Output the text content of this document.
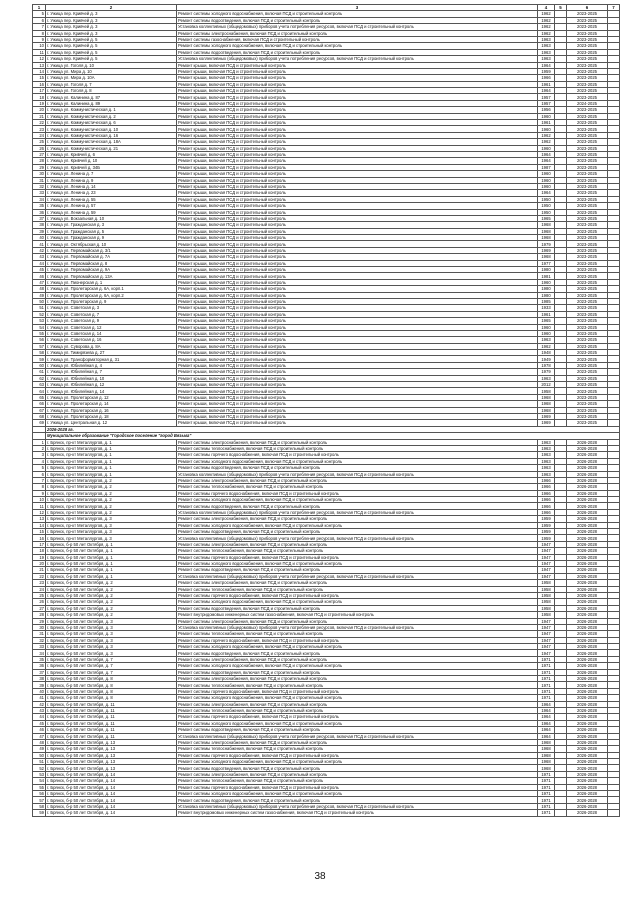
1	2	3	4	5	6	7
5	г. Ужица пер. Кривчей д. 3	Ремонт системы холодного водоснабжения, включая ПСД и строительный контроль	1962		2023-2025	
6	г. Ужица пер. Кривчей д. 3	Ремонт системы водоотведения, включая ПСД и строительный контроль	1962		2023-2025	
7	г. Ужица пер. Кривчей д. 3	Установка коллективных (общедомовых) приборов учета потребления ресурсов, включая ПСД и строительный контроль	1962		2023-2025	
8	г. Ужица пер. Кривчей д. 3	Ремонт системы электроснабжения, включая ПСД и строительный контроль	1962		2023-2025	
9	г. Ужица пер. Кривчей д. 5	Ремонт системы газоснабжения, включая ПСД и строительный контроль	1963		2023-2025	
10	г. Ужица пер. Кривчей д. 5	Ремонт системы холодного водоснабжения, включая ПСД и строительный контроль	1963		2023-2025	
11	г. Ужица пер. Кривчей д. 5	Ремонт системы водоотведения, включая ПСД и строительный контроль	1963		2023-2025	
12	г. Ужица пер. Кривчей д. 5	Установка коллективных (общедомовых) приборов учета потребления ресурсов, включая ПСД и строительный контроль	1963		2023-2025	
13	г. Ужица ул. Гоголя д. 10	Ремонт крыши, включая ПСД и строительный контроль	1964		2023-2025	
14	г. Ужица ул. Мира д. 10	Ремонт крыши, включая ПСД и строительный контроль	1959		2023-2025	
15	г. Ужица ул. Мира д. 10А	Ремонт крыши, включая ПСД и строительный контроль	1966		2023-2025	
16	г. Ужица ул. Гоголя д. 7	Ремонт крыши, включая ПСД и строительный контроль	1961		2023-2025	
17	г. Ужица ул. Гоголя д. 8	Ремонт крыши, включая ПСД и строительный контроль	1964		2023-2025	
18	г. Ужица ул. Калинина д. 87	Ремонт крыши, включая ПСД и строительный контроль	1957		2023-2025	
19	г. Ужица ул. Калинина д. 89	Ремонт крыши, включая ПСД и строительный контроль	1957		2024-2025	
20	г. Ужица ул. Коммунистическая д. 1	Ремонт крыши, включая ПСД и строительный контроль	1956		2023-2025	
21	г. Ужица ул. Коммунистическая д. 2	Ремонт крыши, включая ПСД и строительный контроль	1960		2023-2025	
22	г. Ужица ул. Коммунистическая д. 6	Ремонт крыши, включая ПСД и строительный контроль	1961		2023-2025	
23	г. Ужица ул. Коммунистическая д. 10	Ремонт крыши, включая ПСД и строительный контроль	1960		2023-2025	
24	г. Ужица ул. Коммунистическая д. 16	Ремонт крыши, включая ПСД и строительный контроль	1962		2023-2025	
25	г. Ужица ул. Коммунистическая д. 18А	Ремонт крыши, включая ПСД и строительный контроль	1962		2023-2025	
26	г. Ужица ул. Коммунистическая д. 21	Ремонт крыши, включая ПСД и строительный контроль	1960		2023-2025	
27	г. Ужица ул. Кривчей д. 6	Ремонт крыши, включая ПСД и строительный контроль	1964		2023-2025	
28	г. Ужица ул. Кривчей д. 10	Ремонт крыши, включая ПСД и строительный контроль	1964		2023-2025	
29	г. Ужица ул. Кривчей д. 34Б	Ремонт крыши, включая ПСД и строительный контроль	1987		2023-2025	
30	г. Ужица ул. Ленина д. 7	Ремонт крыши, включая ПСД и строительный контроль	1960		2023-2025	
31	г. Ужица ул. Ленина д. 9	Ремонт крыши, включая ПСД и строительный контроль	1960		2023-2025	
32	г. Ужица ул. Ленина д. 14	Ремонт крыши, включая ПСД и строительный контроль	1960		2023-2025	
33	г. Ужица ул. Ленина д. 23	Ремонт крыши, включая ПСД и строительный контроль	1964		2023-2025	
34	г. Ужица ул. Ленина д. 55	Ремонт крыши, включая ПСД и строительный контроль	1950		2023-2025	
35	г. Ужица ул. Ленина д. 57	Ремонт крыши, включая ПСД и строительный контроль	1950		2023-2025	
36	г. Ужица ул. Ленина д. 59	Ремонт крыши, включая ПСД и строительный контроль	1950		2023-2025	
37	г. Ужица ул. Вокзальная д. 10	Ремонт крыши, включая ПСД и строительный контроль	1965		2023-2025	
38	г. Ужица ул. Гражданская д. 3	Ремонт крыши, включая ПСД и строительный контроль	1968		2023-2025	
39	г. Ужица ул. Гражданская д. 5	Ремонт крыши, включая ПСД и строительный контроль	1968		2023-2025	
40	г. Ужица ул. Гражданская д. 9	Ремонт крыши, включая ПСД и строительный контроль	1968		2023-2025	
41	г. Ужица ул. Октябрьская д. 10	Ремонт крыши, включая ПСД и строительный контроль	1979		2023-2025	
42	г. Ужица ул. Первомайская д. 3/1	Ремонт крыши, включая ПСД и строительный контроль	1969		2023-2025	
43	г. Ужица ул. Первомайская д. 7А	Ремонт крыши, включая ПСД и строительный контроль	1968		2023-2025	
44	г. Ужица ул. Первомайская д. 8	Ремонт крыши, включая ПСД и строительный контроль	1977		2023-2025	
45	г. Ужица ул. Первомайская д. 9А	Ремонт крыши, включая ПСД и строительный контроль	1980		2023-2025	
46	г. Ужица ул. Первомайская д. 13А	Ремонт крыши, включая ПСД и строительный контроль	1981		2023-2025	
47	г. Ужица ул. Пионерская д. 1	Ремонт крыши, включая ПСД и строительный контроль	1960		2023-2025	
48	г. Ужица ул. Пролетарская д. 6А, корп.1	Ремонт крыши, включая ПСД и строительный контроль	1980		2023-2025	
49	г. Ужица ул. Пролетарская д. 6А, корп.2	Ремонт крыши, включая ПСД и строительный контроль	1980		2023-2025	
50	г. Ужица ул. Пролетарская д. 9	Ремонт крыши, включая ПСД и строительный контроль	1985		2023-2025	
51	г. Ужица ул. Советская д. 3	Ремонт крыши, включая ПСД и строительный контроль	1933		2023-2025	
52	г. Ужица ул. Советская д. 7	Ремонт крыши, включая ПСД и строительный контроль	1961		2023-2025	
53	г. Ужица ул. Советская д. 9	Ремонт крыши, включая ПСД и строительный контроль	1965		2023-2025	
54	г. Ужица ул. Советская д. 12	Ремонт крыши, включая ПСД и строительный контроль	1960		2023-2025	
55	г. Ужица ул. Советская д. 14	Ремонт крыши, включая ПСД и строительный контроль	1960		2023-2025	
56	г. Ужица ул. Советская д. 16	Ремонт крыши, включая ПСД и строительный контроль	1963		2023-2025	
57	г. Ужица ул. Суворова д. 8А	Ремонт крыши, включая ПСД и строительный контроль	1962		2023-2025	
58	г. Ужица ул. Тимирязева д. 27	Ремонт крыши, включая ПСД и строительный контроль	1948		2023-2025	
59	г. Ужица ул. Трансформаторная д. 31	Ремонт крыши, включая ПСД и строительный контроль	1949		2023-2025	
60	г. Ужица ул. Юбилейная д. 4	Ремонт крыши, включая ПСД и строительный контроль	1978		2023-2025	
61	г. Ужица ул. Юбилейная д. 7	Ремонт крыши, включая ПСД и строительный контроль	1979		2023-2025	
62	г. Ужица ул. Юбилейная д. 10	Ремонт крыши, включая ПСД и строительный контроль	1963		2023-2025	
63	г. Ужица ул. Юбилейная д. 12	Ремонт крыши, включая ПСД и строительный контроль	2012		2023-2025	
64	г. Ужица ул. Юбилейная д. 14	Ремонт крыши, включая ПСД и строительный контроль	1958		2023-2025	
65	г. Ужица ул. Пролетарская д. 12	Ремонт крыши, включая ПСД и строительный контроль	1968		2023-2025	
66	г. Ужица ул. Пролетарская д. 14	Ремонт крыши, включая ПСД и строительный контроль	1968		2023-2025	
67	г. Ужица ул. Пролетарская д. 16	Ремонт крыши, включая ПСД и строительный контроль	1968		2023-2025	
68	г. Ужица ул. Пролетарская д. 18	Ремонт крыши, включая ПСД и строительный контроль	1969		2023-2025	
69	г. Ужица ул. Центральная д. 12	Ремонт крыши, включая ПСД и строительный контроль	1969		2023-2025	
	2026-2028 гг.					
	Муниципальное образование "Городское поселение "город Вязьма"					
1	г. Брянск, пр-кт Металлургов, д. 1	Ремонт системы электроснабжения, включая ПСД и строительный контроль	1963		2026-2028	
2	г. Брянск, пр-кт Металлургов, д. 1	Ремонт системы теплоснабжения, включая ПСД и строительный контроль	1963		2026-2028	
3	г. Брянск, пр-кт Металлургов, д. 1	Ремонт системы горячего водоснабжения, включая ПСД и строительный контроль	1963		2026-2028	
4	г. Брянск, пр-кт Металлургов, д. 1	Ремонт системы холодного водоснабжения, включая ПСД и строительный контроль	1963		2026-2028	
5	г. Брянск, пр-кт Металлургов, д. 1	Ремонт системы водоотведения, включая ПСД и строительный контроль	1963		2026-2028	
6	г. Брянск, пр-кт Металлургов, д. 1	Установка коллективных (общедомовых) приборов учета потребления ресурсов, включая ПСД и строительный контроль	1963		2026-2028	
7	г. Брянск, пр-кт Металлургов, д. 2	Ремонт системы электроснабжения, включая ПСД и строительный контроль	1966		2026-2028	
8	г. Брянск, пр-кт Металлургов, д. 2	Ремонт системы теплоснабжения, включая ПСД и строительный контроль	1966		2026-2028	
9	г. Брянск, пр-кт Металлургов, д. 2	Ремонт системы горячего водоснабжения, включая ПСД и строительный контроль	1966		2026-2028	
10	г. Брянск, пр-кт Металлургов, д. 2	Ремонт системы холодного водоснабжения, включая ПСД и строительный контроль	1966		2026-2028	
11	г. Брянск, пр-кт Металлургов, д. 2	Ремонт системы водоотведения, включая ПСД и строительный контроль	1966		2026-2028	
12	г. Брянск, пр-кт Металлургов, д. 2	Установка коллективных (общедомовых) приборов учета потребления ресурсов, включая ПСД и строительный контроль	1966		2026-2028	
13	г. Брянск, пр-кт Металлургов, д. 3	Ремонт системы электроснабжения, включая ПСД и строительный контроль	1959		2026-2028	
14	г. Брянск, пр-кт Металлургов, д. 3	Ремонт системы холодного водоснабжения, включая ПСД и строительный контроль	1959		2026-2028	
15	г. Брянск, пр-кт Металлургов, д. 3	Ремонт системы водоотведения, включая ПСД и строительный контроль	1959		2026-2028	
16	г. Брянск, пр-кт Металлургов, д. 3	Установка коллективных (общедомовых) приборов учета потребления ресурсов, включая ПСД и строительный контроль	1959		2026-2028	
17	г. Брянск, б-р 50 лет Октября, д. 1	Ремонт системы электроснабжения, включая ПСД и строительный контроль	1947		2026-2028	
18	г. Брянск, б-р 50 лет Октября, д. 1	Ремонт системы теплоснабжения, включая ПСД и строительный контроль	1947		2026-2028	
19	г. Брянск, б-р 50 лет Октября, д. 1	Ремонт системы горячего водоснабжения, включая ПСД и строительный контроль	1947		2026-2028	
20	г. Брянск, б-р 50 лет Октября, д. 1	Ремонт системы холодного водоснабжения, включая ПСД и строительный контроль	1947		2026-2028	
21	г. Брянск, б-р 50 лет Октября, д. 1	Ремонт системы водоотведения, включая ПСД и строительный контроль	1947		2026-2028	
22	г. Брянск, б-р 50 лет Октября, д. 1	Установка коллективных (общедомовых) приборов учета потребления ресурсов, включая ПСД и строительный контроль	1947		2026-2028	
23	г. Брянск, б-р 50 лет Октября, д. 2	Ремонт системы электроснабжения, включая ПСД и строительный контроль	1958		2026-2028	
24	г. Брянск, б-р 50 лет Октября, д. 2	Ремонт системы теплоснабжения, включая ПСД и строительный контроль	1958		2026-2028	
25	г. Брянск, б-р 50 лет Октября, д. 2	Ремонт системы горячего водоснабжения, включая ПСД и строительный контроль	1958		2026-2028	
26	г. Брянск, б-р 50 лет Октября, д. 2	Ремонт системы холодного водоснабжения, включая ПСД и строительный контроль	1958		2026-2028	
27	г. Брянск, б-р 50 лет Октября, д. 2	Ремонт системы водоотведения, включая ПСД и строительный контроль	1958		2026-2028	
28	г. Брянск, б-р 50 лет Октября, д. 2	Ремонт внутридомовых инженерных систем газоснабжения, включая ПСД и строительный контроль	1958		2026-2028	
29	г. Брянск, б-р 50 лет Октября, д. 3	Ремонт системы электроснабжения, включая ПСД и строительный контроль	1947		2026-2028	
30	г. Брянск, б-р 50 лет Октября, д. 3	Установка коллективных (общедомовых) приборов учета потребления ресурсов, включая ПСД и строительный контроль	1947		2026-2028	
31	г. Брянск, б-р 50 лет Октября, д. 3	Ремонт системы теплоснабжения, включая ПСД и строительный контроль	1947		2026-2028	
32	г. Брянск, б-р 50 лет Октября, д. 3	Ремонт системы горячего водоснабжения, включая ПСД и строительный контроль	1947		2026-2028	
33	г. Брянск, б-р 50 лет Октября, д. 3	Ремонт системы холодного водоснабжения, включая ПСД и строительный контроль	1947		2026-2028	
34	г. Брянск, б-р 50 лет Октября, д. 3	Ремонт системы водоотведения, включая ПСД и строительный контроль	1947		2026-2028	
35	г. Брянск, б-р 50 лет Октября, д. 7	Ремонт системы электроснабжения, включая ПСД и строительный контроль	1971		2026-2028	
36	г. Брянск, б-р 50 лет Октября, д. 7	Ремонт системы холодного водоснабжения, включая ПСД и строительный контроль	1971		2026-2028	
37	г. Брянск, б-р 50 лет Октября, д. 7	Ремонт системы водоотведения, включая ПСД и строительный контроль	1971		2026-2028	
38	г. Брянск, б-р 50 лет Октября, д. 8	Ремонт системы электроснабжения, включая ПСД и строительный контроль	1971		2026-2028	
39	г. Брянск, б-р 50 лет Октября, д. 8	Ремонт системы теплоснабжения, включая ПСД и строительный контроль	1971		2026-2028	
40	г. Брянск, б-р 50 лет Октября, д. 8	Ремонт системы горячего водоснабжения, включая ПСД и строительный контроль	1971		2026-2028	
41	г. Брянск, б-р 50 лет Октября, д. 8	Ремонт системы холодного водоснабжения, включая ПСД и строительный контроль	1971		2026-2028	
42	г. Брянск, б-р 50 лет Октября, д. 11	Ремонт системы электроснабжения, включая ПСД и строительный контроль	1964		2026-2028	
43	г. Брянск, б-р 50 лет Октября, д. 11	Ремонт системы теплоснабжения, включая ПСД и строительный контроль	1964		2026-2028	
44	г. Брянск, б-р 50 лет Октября, д. 11	Ремонт системы горячего водоснабжения, включая ПСД и строительный контроль	1964		2026-2028	
45	г. Брянск, б-р 50 лет Октября, д. 11	Ремонт системы холодного водоснабжения, включая ПСД и строительный контроль	1964		2026-2028	
46	г. Брянск, б-р 50 лет Октября, д. 11	Ремонт системы водоотведения, включая ПСД и строительный контроль	1964		2026-2028	
47	г. Брянск, б-р 50 лет Октября, д. 11	Установка коллективных (общедомовых) приборов учета потребления ресурсов, включая ПСД и строительный контроль	1964		2026-2028	
48	г. Брянск, б-р 50 лет Октября, д. 13	Ремонт системы электроснабжения, включая ПСД и строительный контроль	1968		2026-2028	
49	г. Брянск, б-р 50 лет Октября, д. 13	Ремонт системы теплоснабжения, включая ПСД и строительный контроль	1968		2026-2028	
50	г. Брянск, б-р 50 лет Октября, д. 13	Ремонт системы горячего водоснабжения, включая ПСД и строительный контроль	1968		2026-2028	
51	г. Брянск, б-р 50 лет Октября, д. 13	Ремонт системы холодного водоснабжения, включая ПСД и строительный контроль	1968		2026-2028	
52	г. Брянск, б-р 50 лет Октября, д. 13	Ремонт системы водоотведения, включая ПСД и строительный контроль	1968		2026-2028	
53	г. Брянск, б-р 50 лет Октября, д. 14	Ремонт системы электроснабжения, включая ПСД и строительный контроль	1971		2026-2028	
54	г. Брянск, б-р 50 лет Октября, д. 14	Ремонт системы теплоснабжения, включая ПСД и строительный контроль	1971		2026-2028	
55	г. Брянск, б-р 50 лет Октября, д. 14	Ремонт системы горячего водоснабжения, включая ПСД и строительный контроль	1971		2026-2028	
56	г. Брянск, б-р 50 лет Октября, д. 14	Ремонт системы холодного водоснабжения, включая ПСД и строительный контроль	1971		2026-2028	
57	г. Брянск, б-р 50 лет Октября, д. 14	Ремонт системы водоотведения, включая ПСД и строительный контроль	1971		2026-2028	
58	г. Брянск, б-р 50 лет Октября, д. 14	Установка коллективных (общедомовых) приборов учета потребления ресурсов, включая ПСД и строительный контроль	1971		2026-2028	
59	г. Брянск, б-р 50 лет Октября, д. 14	Ремонт внутридомовых инженерных систем газоснабжения, включая ПСД и строительный контроль	1971		2026-2028	
38
